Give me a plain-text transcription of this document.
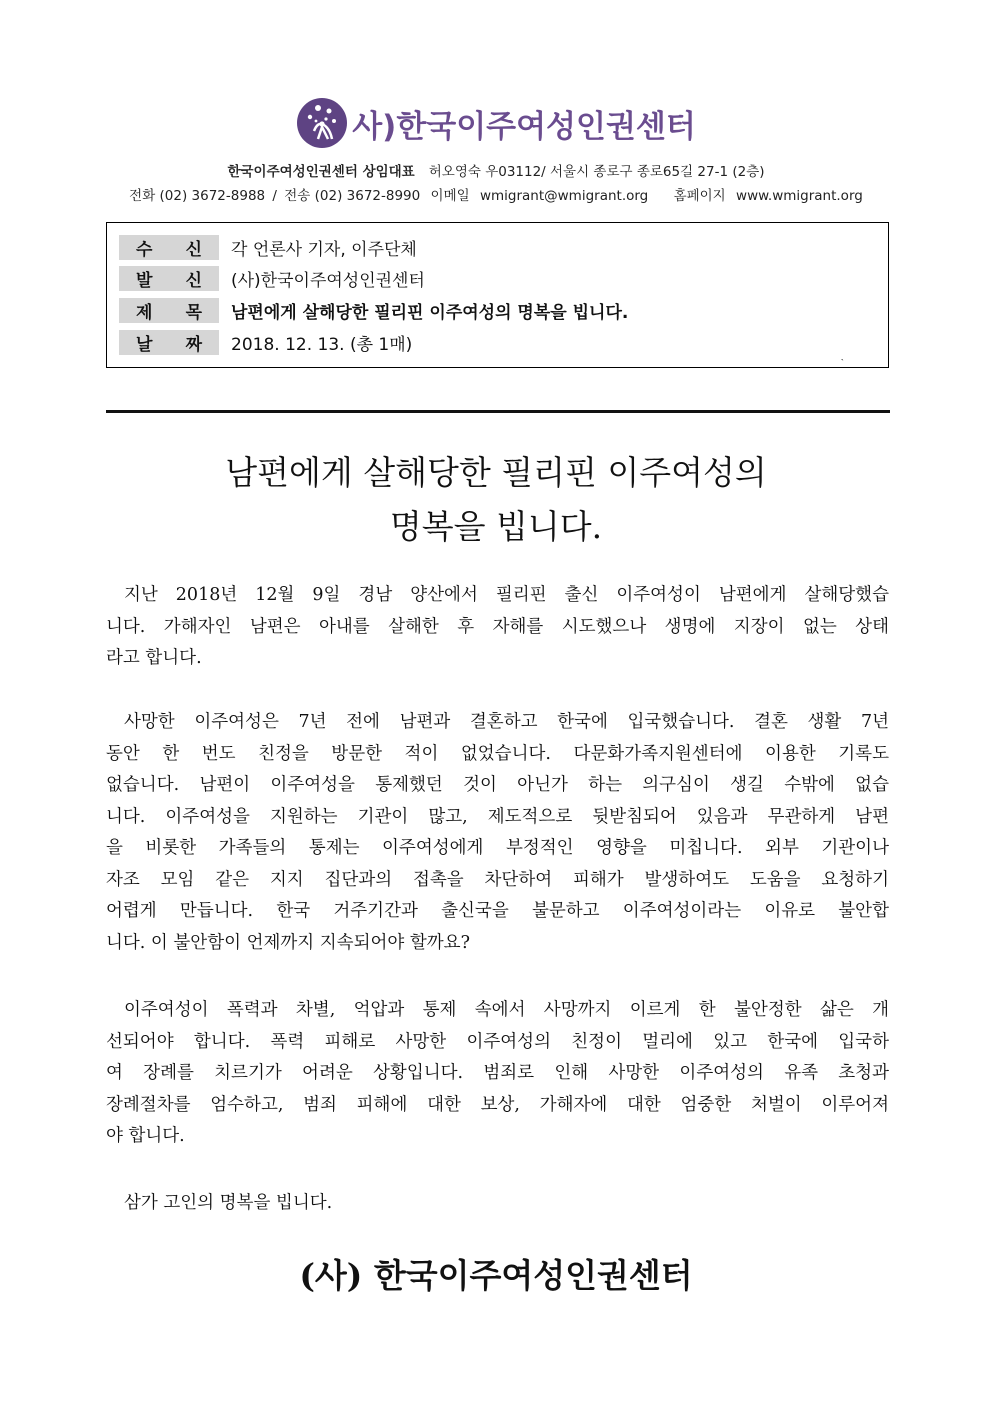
사)한국이주여성인권센터
한국이주여성인권센터 상임대표 허오영숙 우03112/ 서울시 종로구 종로65길 27-1 (2층)
전화 (02) 3672-8988 / 전송 (02) 3672-8990 이메일 wmigrant@wmigrant.org 홈페이지 www.wmigrant.org
수 신 각 언론사 기자, 이주단체
발 신 (사)한국이주여성인권센터
제 목 남편에게 살해당한 필리핀 이주여성의 명복을 빕니다.
날 짜 2018. 12. 13. (총 1매)
ˏ
남편에게 살해당한 필리핀 이주여성의
명복을 빕니다.
지난 2018년 12월 9일 경남 양산에서 필리핀 출신 이주여성이 남편에게 살해당했습
니다. 가해자인 남편은 아내를 살해한 후 자해를 시도했으나 생명에 지장이 없는 상태
라고 합니다.
사망한 이주여성은 7년 전에 남편과 결혼하고 한국에 입국했습니다. 결혼 생활 7년
동안 한 번도 친정을 방문한 적이 없었습니다. 다문화가족지원센터에 이용한 기록도
없습니다. 남편이 이주여성을 통제했던 것이 아닌가 하는 의구심이 생길 수밖에 없습
니다. 이주여성을 지원하는 기관이 많고, 제도적으로 뒷받침되어 있음과 무관하게 남편
을 비롯한 가족들의 통제는 이주여성에게 부정적인 영향을 미칩니다. 외부 기관이나
자조 모임 같은 지지 집단과의 접촉을 차단하여 피해가 발생하여도 도움을 요청하기
어렵게 만듭니다. 한국 거주기간과 출신국을 불문하고 이주여성이라는 이유로 불안합
니다. 이 불안함이 언제까지 지속되어야 할까요?
이주여성이 폭력과 차별, 억압과 통제 속에서 사망까지 이르게 한 불안정한 삶은 개
선되어야 합니다. 폭력 피해로 사망한 이주여성의 친정이 멀리에 있고 한국에 입국하
여 장례를 치르기가 어려운 상황입니다. 범죄로 인해 사망한 이주여성의 유족 초청과
장례절차를 엄수하고, 범죄 피해에 대한 보상, 가해자에 대한 엄중한 처벌이 이루어져
야 합니다.
삼가 고인의 명복을 빕니다.
(사) 한국이주여성인권센터
